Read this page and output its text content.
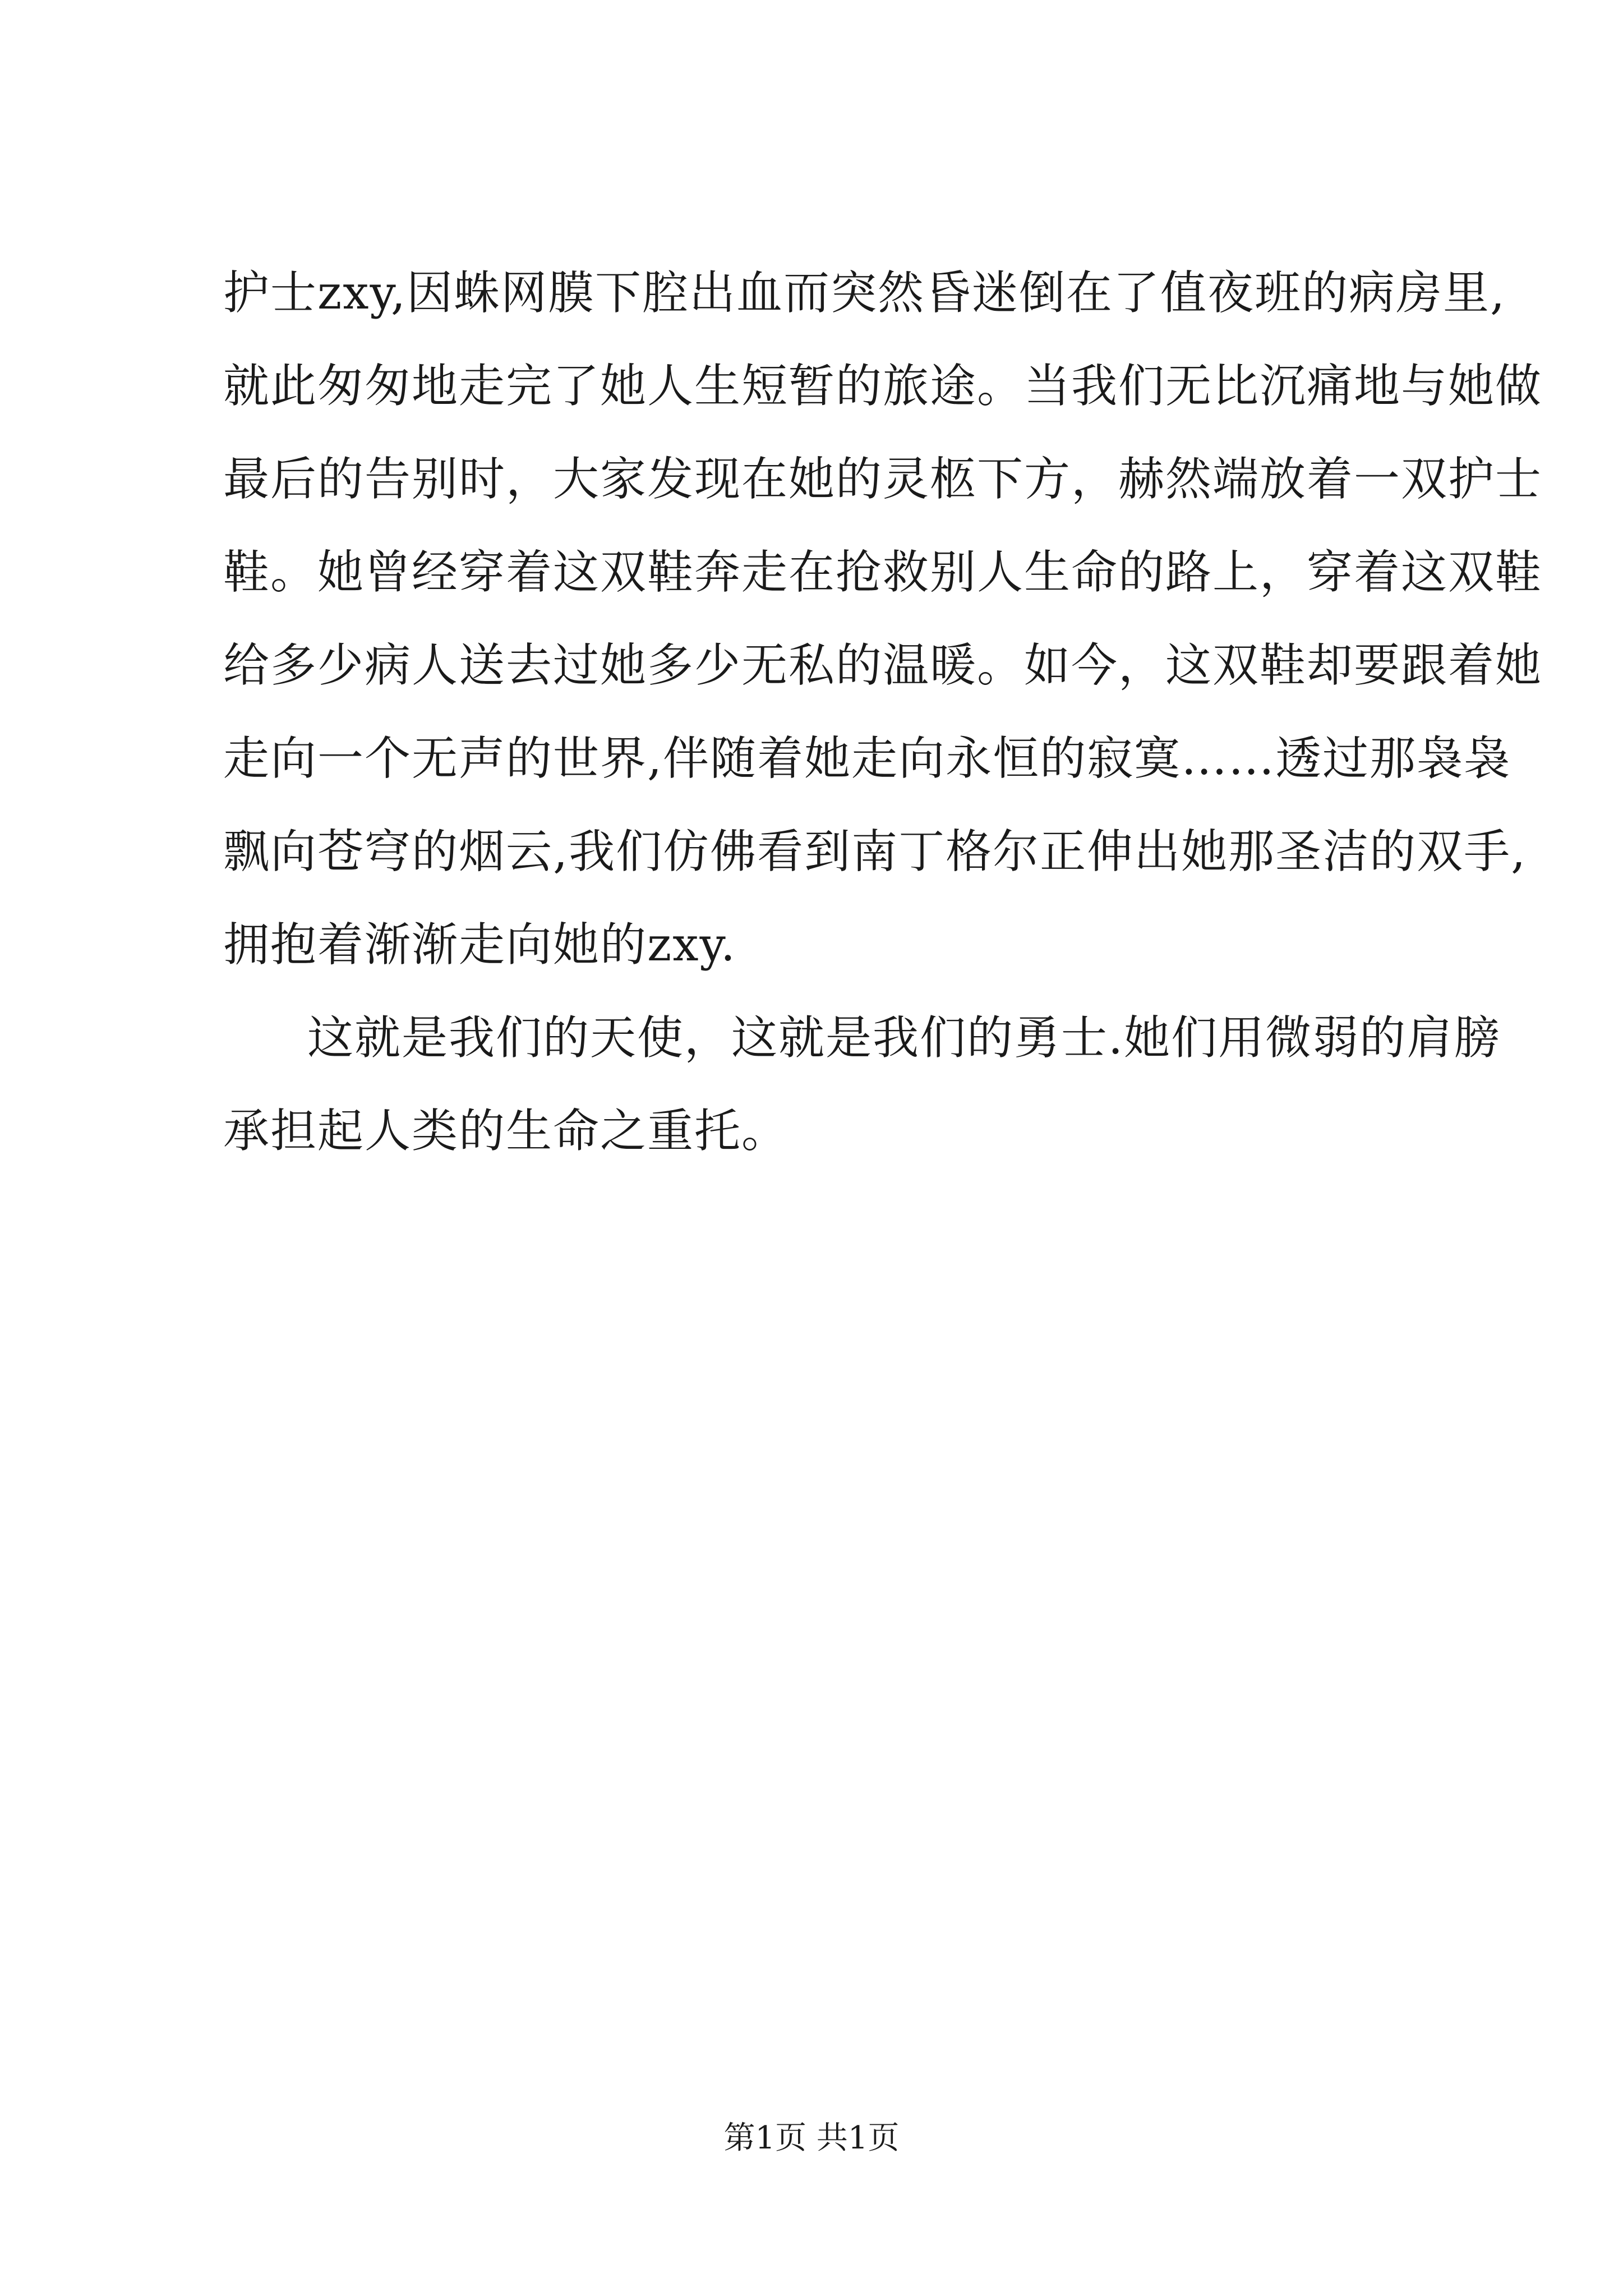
护士zxy,因蛛网膜下腔出血而突然昏迷倒在了值夜班的病房里,
就此匆匆地走完了她人生短暂的旅途。当我们无比沉痛地与她做
最后的告别时，大家发现在她的灵柩下方，赫然端放着一双护士
鞋。她曾经穿着这双鞋奔走在抢救别人生命的路上，穿着这双鞋
给多少病人送去过她多少无私的温暖。如今，这双鞋却要跟着她
走向一个无声的世界,伴随着她走向永恒的寂寞……透过那袅袅
飘向苍穹的烟云,我们仿佛看到南丁格尔正伸出她那圣洁的双手,
拥抱着渐渐走向她的zxy.
这就是我们的天使，这就是我们的勇士.她们用微弱的肩膀
承担起人类的生命之重托。
第1页 共1页
